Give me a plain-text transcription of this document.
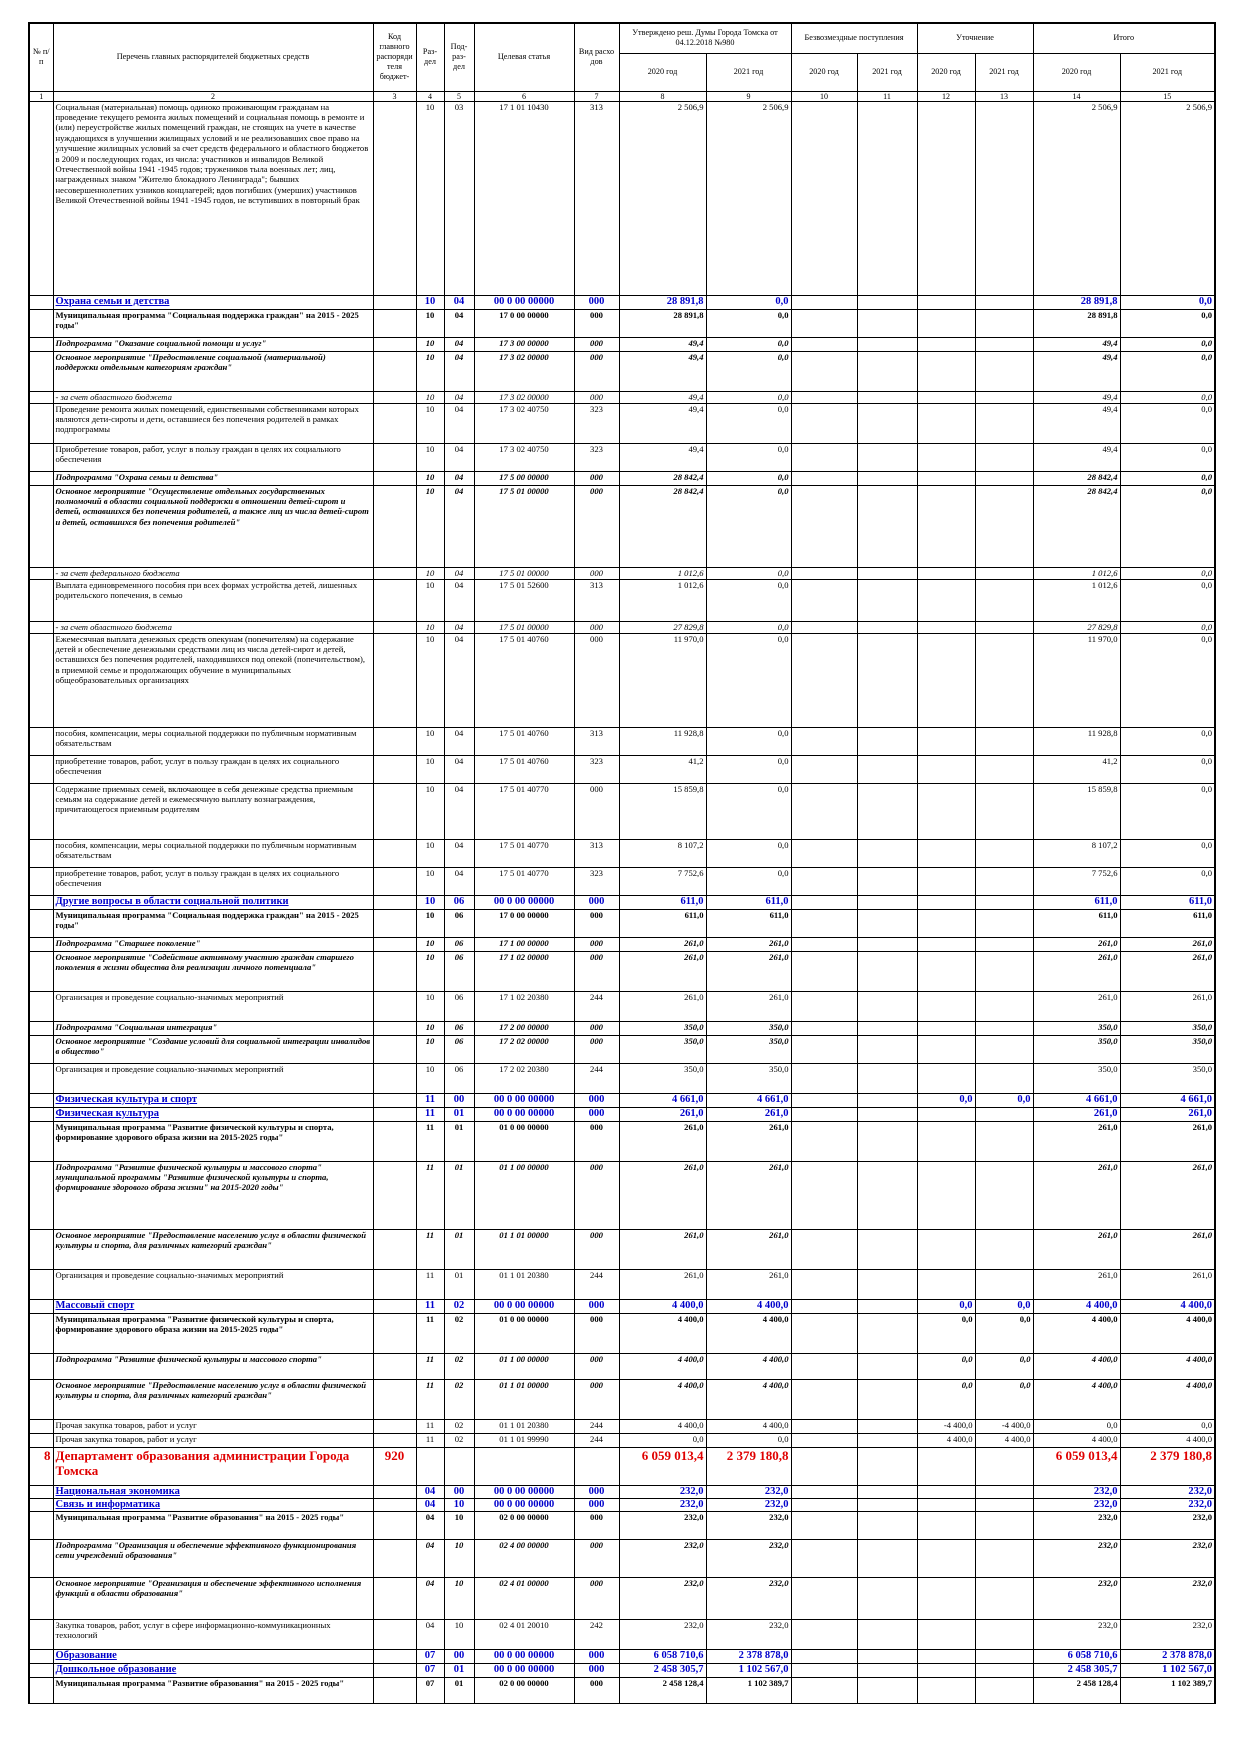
№ п/п	Перечень главных распорядителей бюджетных средств	Код главного распоряди теля бюджет-	Раз- дел	Под- раз- дел	Целевая статья	Вид расхо дов	Утверждено реш. Думы Города Томска от 04.12.2018 №980		Безвозмездные поступления		Уточнение		Итого	
							2020 год	2021 год	2020 год	2021 год	2020 год	2021 год	2020 год	2021 год
1	2	3	4	5	6	7	8	9	10	11	12	13	14	15
	Социальная (материальная) помощь одиноко проживающим гражданам на проведение текущего ремонта жилых помещений и социальная помощь в ремонте и (или) переустройстве жилых помещений граждан, не стоящих на учете в качестве нуждающихся в улучшении жилищных условий и не реализовавших свое право на улучшение жилищных условий за счет средств федерального и областного бюджетов в 2009 и последующих годах, из числа: участников и инвалидов Великой Отечественной войны 1941 -1945 годов; тружеников тыла военных лет; лиц, награжденных знаком "Жителю блокадного Ленинграда"; бывших несовершеннолетних узников концлагерей; вдов погибших (умерших) участников Великой Отечественной войны 1941 -1945 годов, не вступивших в повторный брак		10	03	17 1 01 10430	313	2 506,9	2 506,9					2 506,9	2 506,9
	Охрана семьи и детства		10	04	00 0 00 00000	000	28 891,8	0,0					28 891,8	0,0
	Муниципальная программа "Социальная поддержка граждан" на 2015 - 2025 годы"		10	04	17 0 00 00000	000	28 891,8	0,0					28 891,8	0,0
	Подпрограмма "Оказание социальной помощи и услуг"		10	04	17 3 00 00000	000	49,4	0,0					49,4	0,0
	Основное мероприятие "Предоставление социальной (материальной) поддержки отдельным категориям граждан"		10	04	17 3 02 00000	000	49,4	0,0					49,4	0,0
	- за счет областного бюджета		10	04	17 3 02 00000	000	49,4	0,0					49,4	0,0
	Проведение ремонта жилых помещений, единственными собственниками которых являются дети-сироты и дети, оставшиеся без попечения родителей в рамках подпрограммы		10	04	17 3 02 40750	323	49,4	0,0					49,4	0,0
	Приобретение товаров, работ, услуг в пользу граждан в целях их социального обеспечения		10	04	17 3 02 40750	323	49,4	0,0					49,4	0,0
	Подпрограмма "Охрана семьи и детства"		10	04	17 5 00 00000	000	28 842,4	0,0					28 842,4	0,0
	Основное мероприятие "Осуществление отдельных государственных полномочий в области социальной поддержки в отношении детей-сирот и детей, оставшихся без попечения родителей, а также лиц из числа детей-сирот и детей, оставшихся без попечения родителей"		10	04	17 5 01 00000	000	28 842,4	0,0					28 842,4	0,0
	- за счет федерального бюджета		10	04	17 5 01 00000	000	1 012,6	0,0					1 012,6	0,0
	Выплата единовременного пособия при всех формах устройства детей, лишенных родительского попечения, в семью		10	04	17 5 01 52600	313	1 012,6	0,0					1 012,6	0,0
	- за счет областного бюджета		10	04	17 5 01 00000	000	27 829,8	0,0					27 829,8	0,0
	Ежемесячная выплата денежных средств опекунам (попечителям) на содержание детей и обеспечение денежными средствами лиц из числа детей-сирот и детей, оставшихся без попечения родителей, находившихся под опекой (попечительством), в приемной семье и продолжающих обучение в муниципальных общеобразовательных организациях		10	04	17 5 01 40760	000	11 970,0	0,0					11 970,0	0,0
	пособия, компенсации, меры социальной поддержки по публичным нормативным обязательствам		10	04	17 5 01 40760	313	11 928,8	0,0					11 928,8	0,0
	приобретение товаров, работ, услуг в пользу граждан в целях их социального обеспечения		10	04	17 5 01 40760	323	41,2	0,0					41,2	0,0
	Содержание приемных семей, включающее в себя денежные средства приемным семьям на содержание детей и ежемесячную выплату вознаграждения, причитающегося приемным родителям		10	04	17 5 01 40770	000	15 859,8	0,0					15 859,8	0,0
	пособия, компенсации, меры социальной поддержки по публичным нормативным обязательствам		10	04	17 5 01 40770	313	8 107,2	0,0					8 107,2	0,0
	приобретение товаров, работ, услуг в пользу граждан в целях их социального обеспечения		10	04	17 5 01 40770	323	7 752,6	0,0					7 752,6	0,0
	Другие вопросы в области социальной политики		10	06	00 0 00 00000	000	611,0	611,0					611,0	611,0
	Муниципальная программа "Социальная поддержка граждан" на 2015 - 2025 годы"		10	06	17 0 00 00000	000	611,0	611,0					611,0	611,0
	Подпрограмма "Старшее поколение"		10	06	17 1 00 00000	000	261,0	261,0					261,0	261,0
	Основное мероприятие "Содействие активному участию граждан старшего поколения в жизни общества для реализации личного потенциала"		10	06	17 1 02 00000	000	261,0	261,0					261,0	261,0
	Организация и проведение социально-значимых мероприятий		10	06	17 1 02 20380	244	261,0	261,0					261,0	261,0
	Подпрограмма "Социальная интеграция"		10	06	17 2 00 00000	000	350,0	350,0					350,0	350,0
	Основное мероприятие "Создание условий для социальной интеграции инвалидов в общество"		10	06	17 2 02 00000	000	350,0	350,0					350,0	350,0
	Организация и проведение социально-значимых мероприятий		10	06	17 2 02 20380	244	350,0	350,0					350,0	350,0
	Физическая культура и спорт		11	00	00 0 00 00000	000	4 661,0	4 661,0			0,0	0,0	4 661,0	4 661,0
	Физическая культура		11	01	00 0 00 00000	000	261,0	261,0					261,0	261,0
	Муниципальная программа "Развитие физической культуры и спорта, формирование здорового образа жизни на 2015-2025 годы"		11	01	01 0 00 00000	000	261,0	261,0					261,0	261,0
	Подпрограмма "Развитие физической культуры и массового спорта" муниципальной программы "Развитие физической культуры и спорта, формирование здорового образа жизни" на 2015-2020 годы"		11	01	01 1 00 00000	000	261,0	261,0					261,0	261,0
	Основное мероприятие "Предоставление населению услуг в области физической культуры и спорта, для различных категорий граждан"		11	01	01 1 01 00000	000	261,0	261,0					261,0	261,0
	Организация и проведение социально-значимых мероприятий		11	01	01 1 01 20380	244	261,0	261,0					261,0	261,0
	Массовый спорт		11	02	00 0 00 00000	000	4 400,0	4 400,0			0,0	0,0	4 400,0	4 400,0
	Муниципальная программа "Развитие физической культуры и спорта, формирование здорового образа жизни на 2015-2025 годы"		11	02	01 0 00 00000	000	4 400,0	4 400,0			0,0	0,0	4 400,0	4 400,0
	Подпрограмма "Развитие физической культуры и массового спорта"		11	02	01 1 00 00000	000	4 400,0	4 400,0			0,0	0,0	4 400,0	4 400,0
	Основное мероприятие "Предоставление населению услуг в области физической культуры и спорта, для различных категорий граждан"		11	02	01 1 01 00000	000	4 400,0	4 400,0			0,0	0,0	4 400,0	4 400,0
	Прочая закупка товаров, работ и услуг		11	02	01 1 01 20380	244	4 400,0	4 400,0			-4 400,0	-4 400,0	0,0	0,0
	Прочая закупка товаров, работ и услуг		11	02	01 1 01 99990	244	0,0	0,0			4 400,0	4 400,0	4 400,0	4 400,0
8	Департамент образования администрации Города Томска	920					6 059 013,4	2 379 180,8					6 059 013,4	2 379 180,8
	Национальная экономика		04	00	00 0 00 00000	000	232,0	232,0					232,0	232,0
	Связь и информатика		04	10	00 0 00 00000	000	232,0	232,0					232,0	232,0
	Муниципальная программа "Развитие образования" на 2015 - 2025 годы"		04	10	02 0 00 00000	000	232,0	232,0					232,0	232,0
	Подпрограмма "Организация и обеспечение эффективного функционирования сети учреждений образования"		04	10	02 4 00 00000	000	232,0	232,0					232,0	232,0
	Основное мероприятие "Организация и обеспечение эффективного исполнения функций в области образования"		04	10	02 4 01 00000	000	232,0	232,0					232,0	232,0
	Закупка товаров, работ, услуг в сфере информационно-коммуникационных технологий		04	10	02 4 01 20010	242	232,0	232,0					232,0	232,0
	Образование		07	00	00 0 00 00000	000	6 058 710,6	2 378 878,0					6 058 710,6	2 378 878,0
	Дошкольное образование		07	01	00 0 00 00000	000	2 458 305,7	1 102 567,0					2 458 305,7	1 102 567,0
	Муниципальная программа "Развитие образования" на 2015 - 2025 годы"		07	01	02 0 00 00000	000	2 458 128,4	1 102 389,7					2 458 128,4	1 102 389,7
